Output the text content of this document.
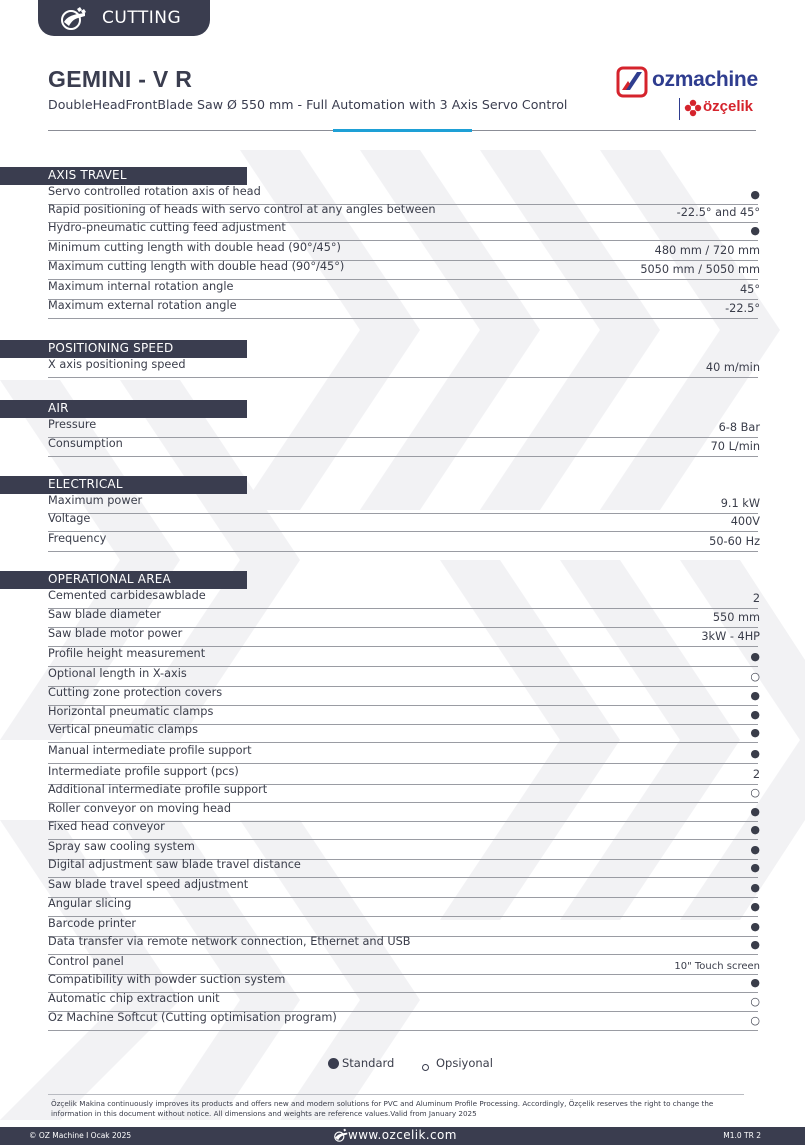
CUTTING
GEMINI - V R
DoubleHeadFrontBlade Saw Ø 550 mm - Full Automation with 3 Axis Servo Control
ozmachine
özçelik
AXIS TRAVEL
Servo controlled rotation axis of head	●
Rapid positioning of heads with servo control at any angles between	-22.5° and 45°
Hydro-pneumatic cutting feed adjustment	●
Minimum cutting length with double head (90°/45°)	480 mm / 720 mm
Maximum cutting length with double head (90°/45°)	5050 mm / 5050 mm
Maximum internal rotation angle	45°
Maximum external rotation angle	-22.5°
POSITIONING SPEED
X axis positioning speed	40 m/min
AIR
Pressure	6-8 Bar
Consumption	70 L/min
ELECTRICAL
Maximum power	9.1 kW
Voltage	400V
Frequency	50-60 Hz
OPERATIONAL AREA
Cemented carbidesawblade	2
Saw blade diameter	550 mm
Saw blade motor power	3kW - 4HP
Profile height measurement	●
Optional length in X-axis	○
Cutting zone protection covers	●
Horizontal pneumatic clamps	●
Vertical pneumatic clamps	●
Manual intermediate profile support	●
Intermediate profile support (pcs)	2
Additional intermediate profile support	○
Roller conveyor on moving head	●
Fixed head conveyor	●
Spray saw cooling system	●
Digital adjustment saw blade travel distance	●
Saw blade travel speed adjustment	●
Angular slicing	●
Barcode printer	●
Data transfer via remote network connection, Ethernet and USB	●
Control panel	10" Touch screen
Compatibility with powder suction system	●
Automatic chip extraction unit	○
Oz Machine Softcut (Cutting optimisation program)	○
Standard	Opsiyonal
Özçelik Makina continuously improves its products and offers new and modern solutions for PVC and Aluminum Profile Processing. Accordingly, Özçelik reserves the right to change the information in this document without notice. All dimensions and weights are reference values.Valid from January 2025
© OZ Machine I Ocak 2025	www.ozcelik.com	M1.0 TR 2
